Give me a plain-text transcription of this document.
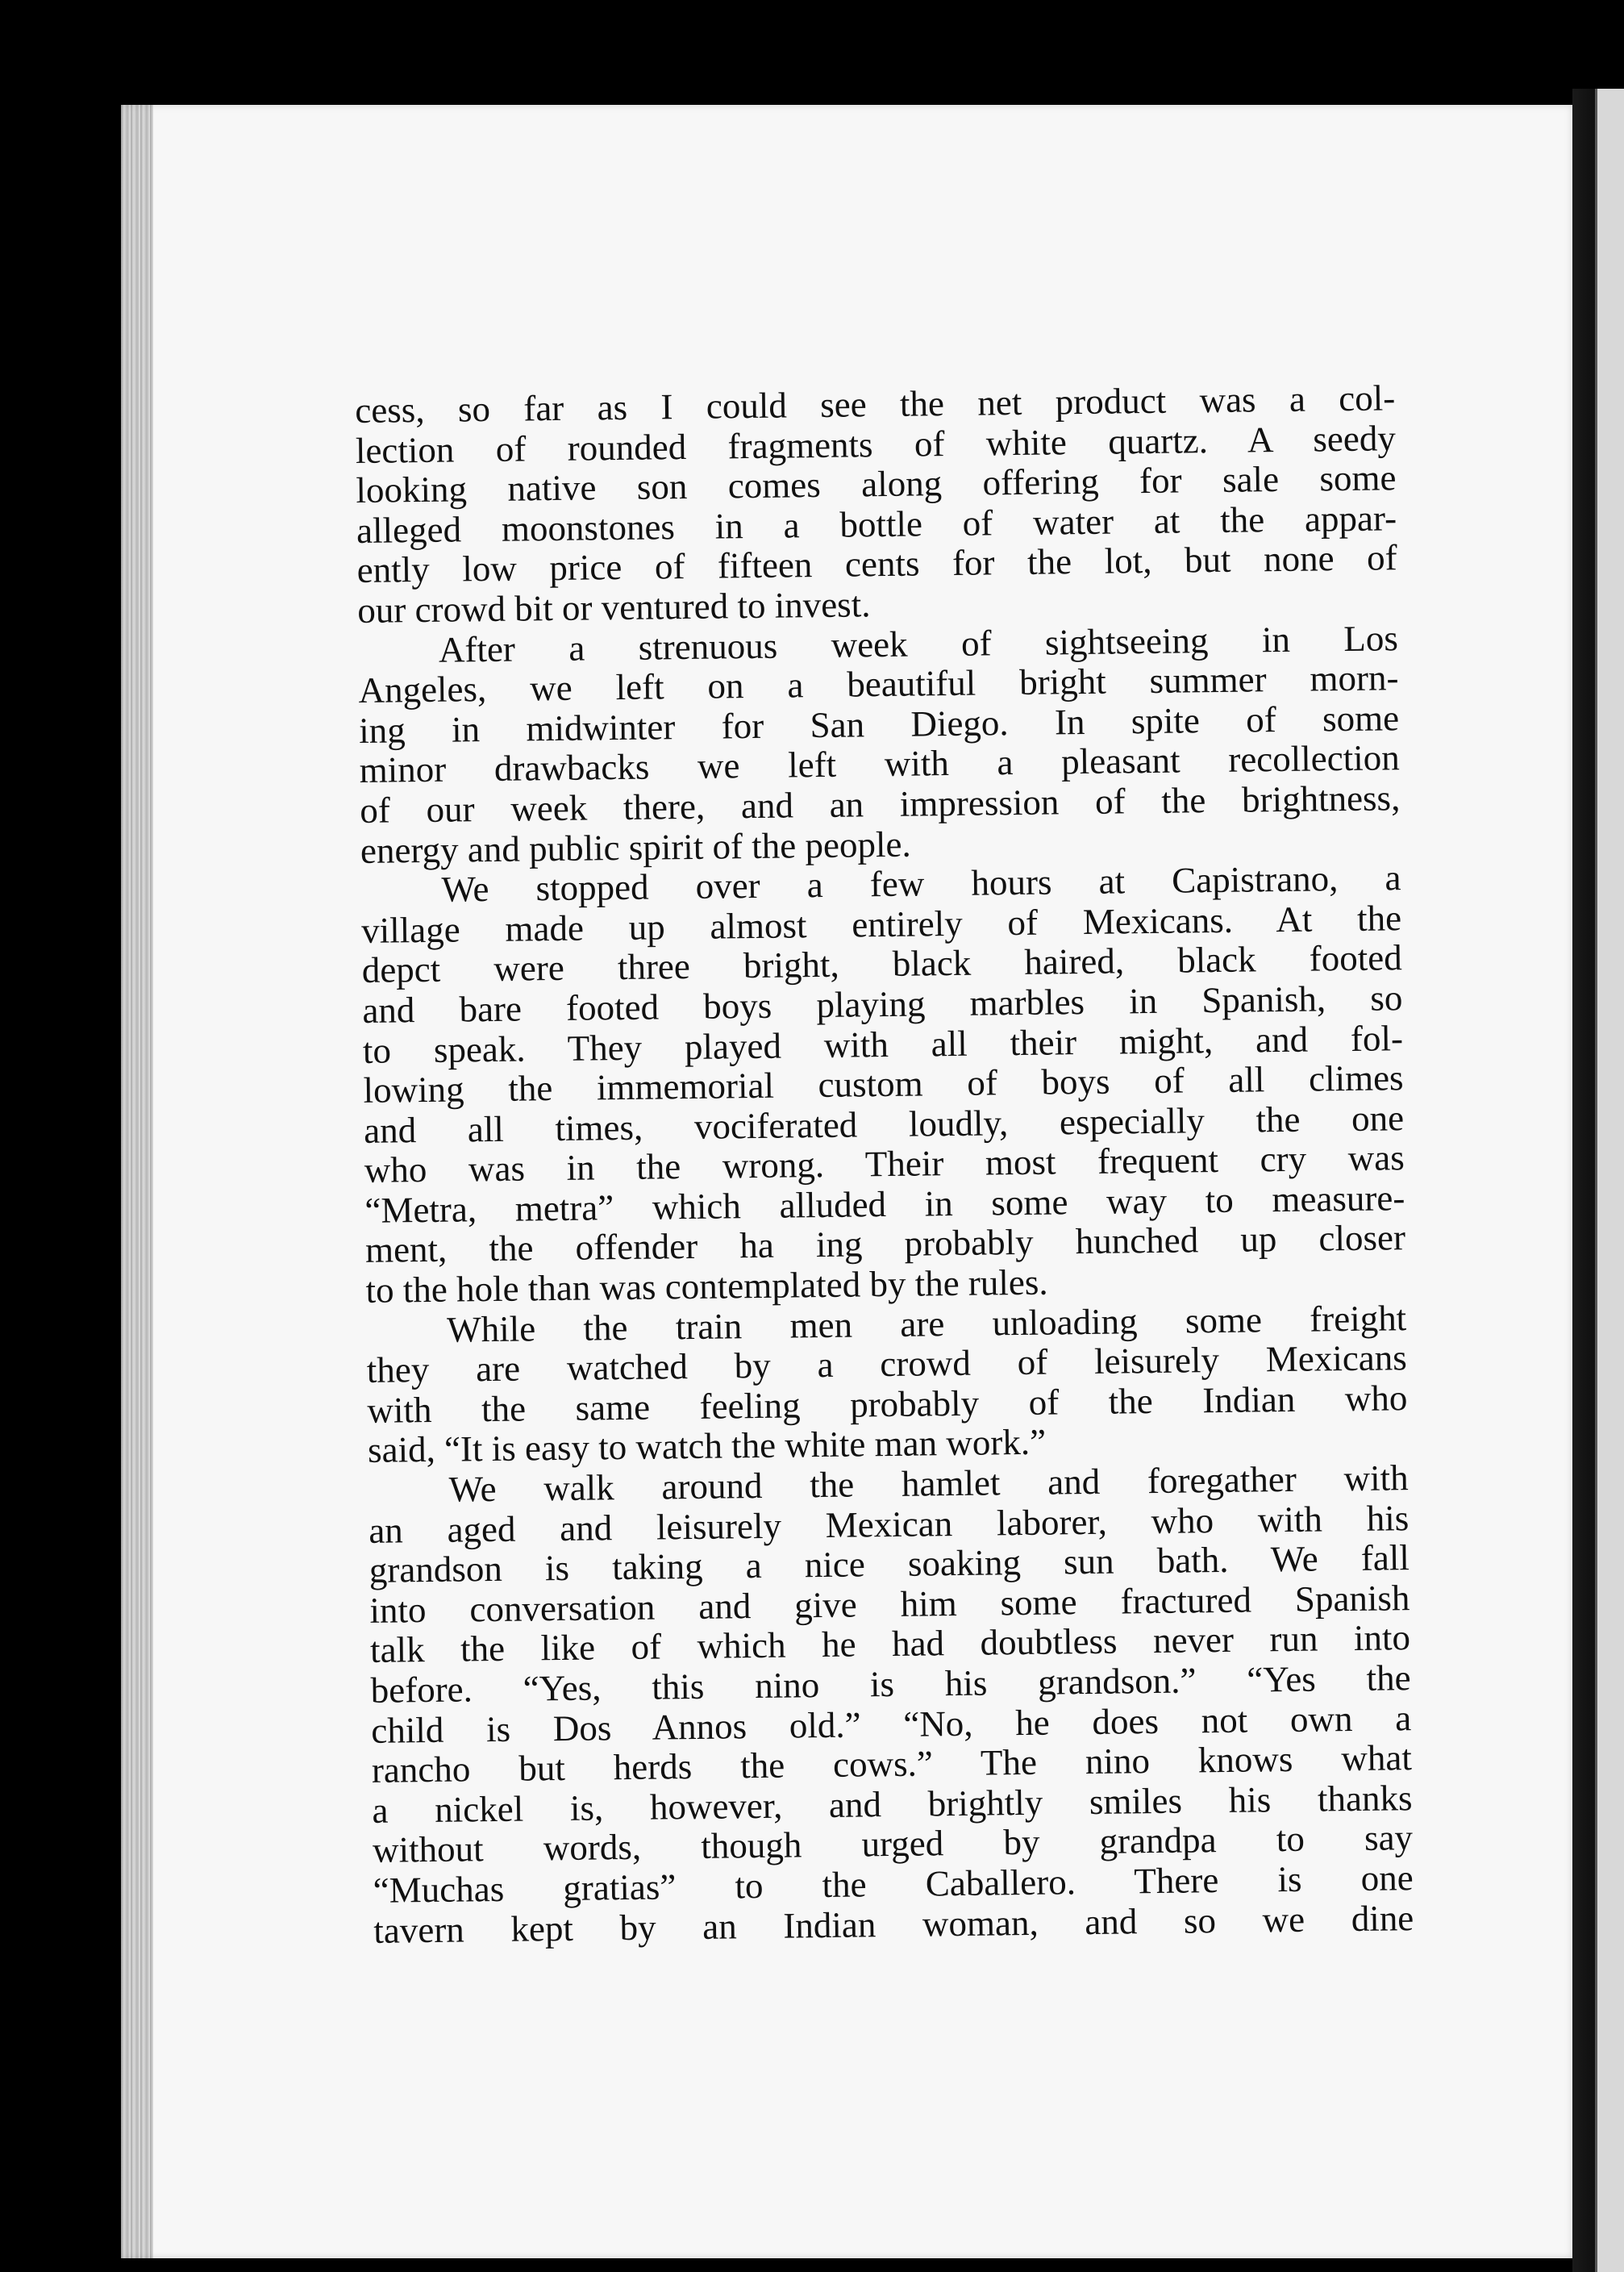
cess, so far as I could see the net product was a col-
lection of rounded fragments of white quartz. A seedy
looking native son comes along offering for sale some
alleged moonstones in a bottle of water at the appar-
ently low price of fifteen cents for the lot, but none of
our crowd bit or ventured to invest.
After a strenuous week of sightseeing in Los
Angeles, we left on a beautiful bright summer morn-
ing in midwinter for San Diego. In spite of some
minor drawbacks we left with a pleasant recollection
of our week there, and an impression of the brightness,
energy and public spirit of the people.
We stopped over a few hours at Capistrano, a
village made up almost entirely of Mexicans. At the
depct were three bright, black haired, black footed
and bare footed boys playing marbles in Spanish, so
to speak. They played with all their might, and fol-
lowing the immemorial custom of boys of all climes
and all times, vociferated loudly, especially the one
who was in the wrong. Their most frequent cry was
“Metra, metra” which alluded in some way to measure-
ment, the offender ha ing probably hunched up closer
to the hole than was contemplated by the rules.
While the train men are unloading some freight
they are watched by a crowd of leisurely Mexicans
with the same feeling probably of the Indian who
said, “It is easy to watch the white man work.”
We walk around the hamlet and foregather with
an aged and leisurely Mexican laborer, who with his
grandson is taking a nice soaking sun bath. We fall
into conversation and give him some fractured Spanish
talk the like of which he had doubtless never run into
before. “Yes, this nino is his grandson.” “Yes the
child is Dos Annos old.” “No, he does not own a
rancho but herds the cows.” The nino knows what
a nickel is, however, and brightly smiles his thanks
without words, though urged by grandpa to say
“Muchas gratias” to the Caballero. There is one
tavern kept by an Indian woman, and so we dine
